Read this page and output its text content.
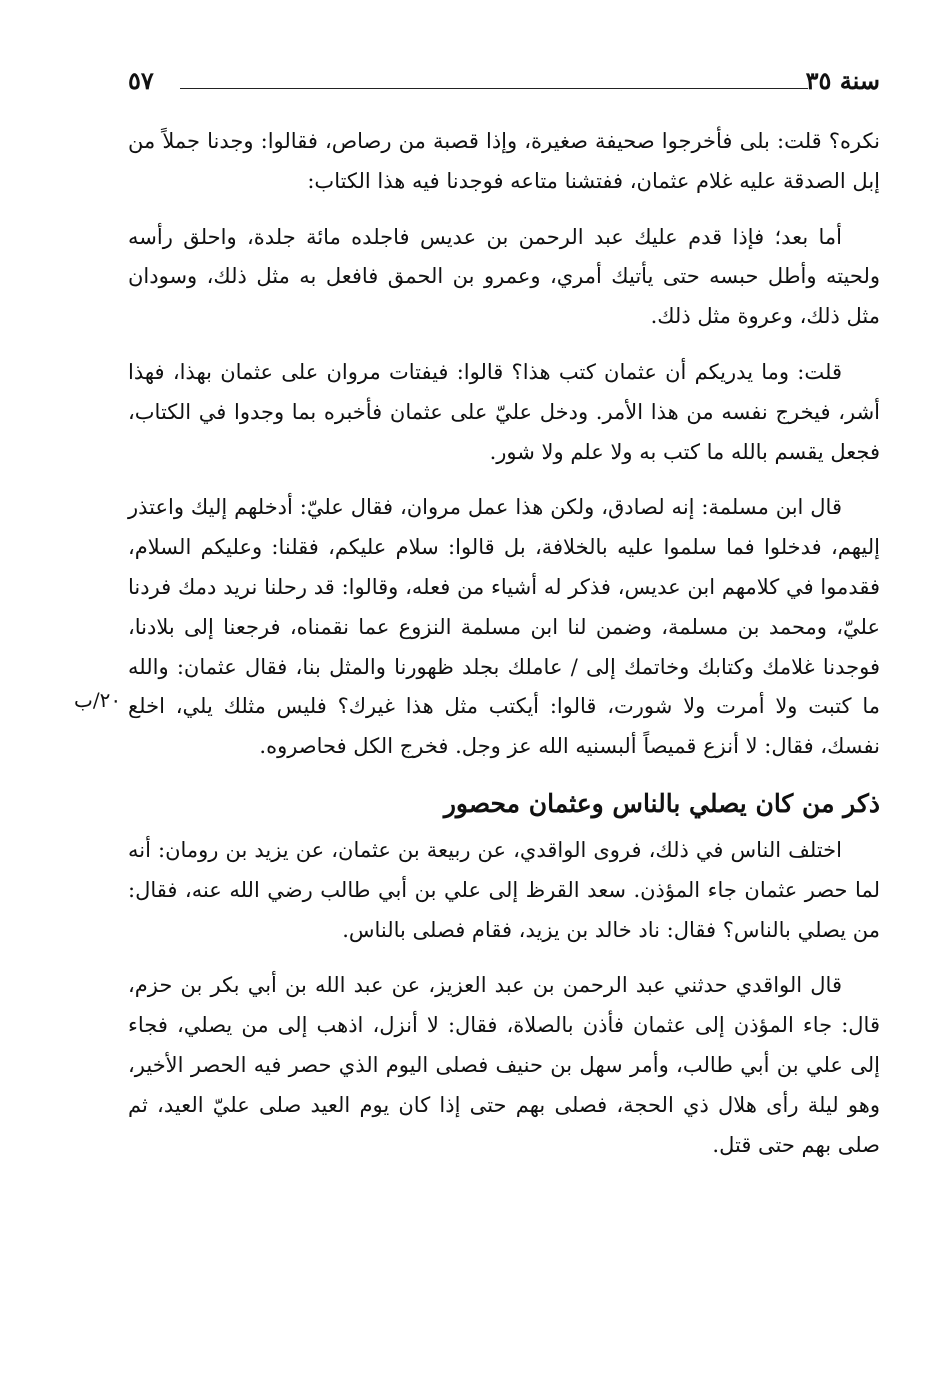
سنة ٣٥
٥٧
٢٠/ب

نكره؟ قلت: بلى فأخرجوا صحيفة صغيرة، وإذا قصبة من رصاص، فقالوا: وجدنا جملاً من إبل الصدقة عليه غلام عثمان، ففتشنا متاعه فوجدنا فيه هذا الكتاب:

أما بعد؛ فإذا قدم عليك عبد الرحمن بن عديس فاجلده مائة جلدة، واحلق رأسه ولحيته وأطل حبسه حتى يأتيك أمري، وعمرو بن الحمق فافعل به مثل ذلك، وسودان مثل ذلك، وعروة مثل ذلك.

قلت: وما يدريكم أن عثمان كتب هذا؟ قالوا: فيفتات مروان على عثمان بهذا، فهذا أشر، فيخرج نفسه من هذا الأمر. ودخل عليّ على عثمان فأخبره بما وجدوا في الكتاب، فجعل يقسم بالله ما كتب به ولا علم ولا شور.

قال ابن مسلمة: إنه لصادق، ولكن هذا عمل مروان، فقال عليّ: أدخلهم إليك واعتذر إليهم، فدخلوا فما سلموا عليه بالخلافة، بل قالوا: سلام عليكم، فقلنا: وعليكم السلام، فقدموا في كلامهم ابن عديس، فذكر له أشياء من فعله، وقالوا: قد رحلنا نريد دمك فردنا عليّ، ومحمد بن مسلمة، وضمن لنا ابن مسلمة النزوع عما نقمناه، فرجعنا إلى بلادنا، فوجدنا غلامك وكتابك وخاتمك إلى / عاملك بجلد ظهورنا والمثل بنا، فقال عثمان: والله ما كتبت ولا أمرت ولا شورت، قالوا: أيكتب مثل هذا غيرك؟ فليس مثلك يلي، اخلع نفسك، فقال: لا أنزع قميصاً ألبسنيه الله عز وجل. فخرج الكل فحاصروه.

ذكر من كان يصلي بالناس وعثمان محصور

اختلف الناس في ذلك، فروى الواقدي، عن ربيعة بن عثمان، عن يزيد بن رومان: أنه لما حصر عثمان جاء المؤذن. سعد القرظ إلى علي بن أبي طالب رضي الله عنه، فقال: من يصلي بالناس؟ فقال: ناد خالد بن يزيد، فقام فصلى بالناس.

قال الواقدي حدثني عبد الرحمن بن عبد العزيز، عن عبد الله بن أبي بكر بن حزم، قال: جاء المؤذن إلى عثمان فأذن بالصلاة، فقال: لا أنزل، اذهب إلى من يصلي، فجاء إلى علي بن أبي طالب، وأمر سهل بن حنيف فصلى اليوم الذي حصر فيه الحصر الأخير، وهو ليلة رأى هلال ذي الحجة، فصلى بهم حتى إذا كان يوم العيد صلى عليّ العيد، ثم صلى بهم حتى قتل.
